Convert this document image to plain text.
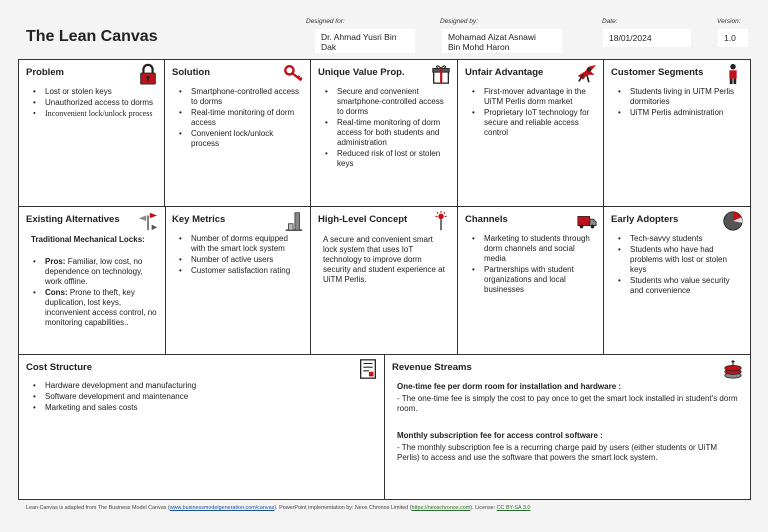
The Lean Canvas
Designed for:
Dr. Ahmad Yusri Bin
Dak
Designed by:
Mohamad Aizat Asnawi
Bin Mohd Haron
Date:
18/01/2024
Version:
1.0
Problem
• Lost or stolen keys
• Unauthorized access to dorms
• Inconvenient lock/unlock process
Solution
• Smartphone-controlled access to dorms
• Real-time monitoring of dorm access
• Convenient lock/unlock process
Key Metrics
• Number of dorms equipped with the smart lock system
• Number of active users
• Customer satisfaction rating
Unique Value Prop.
• Secure and convenient smartphone-controlled access to dorms
• Real-time monitoring of dorm access for both students and administration
• Reduced risk of lost or stolen keys
High-Level Concept
A secure and convenient smart lock system that uses IoT technology to improve dorm security and student experience at UiTM Perlis.
Unfair Advantage
• First-mover advantage in the UiTM Perlis dorm market
• Proprietary IoT technology for secure and reliable access control
Channels
• Marketing to students through dorm channels and social media
• Partnerships with student organizations and local businesses
Customer Segments
• Students living in UiTM Perlis dormitories
• UiTM Perlis administration
Early Adopters
• Tech-savvy students
• Students who have had problems with lost or stolen keys
• Students who value security and convenience
Existing Alternatives
Traditional Mechanical Locks:
• Pros: Familiar, low cost, no dependence on technology, work offline.
• Cons: Prone to theft, key duplication, lost keys, inconvenient access control, no monitoring capabilities..
Cost Structure
• Hardware development and manufacturing
• Software development and maintenance
• Marketing and sales costs
Revenue Streams
One-time fee per dorm room for installation and hardware :
- The one-time fee is simply the cost to pay once to get the smart lock installed in student's dorm room.
Monthly subscription fee for access control software :
- The monthly subscription fee is a recurring charge paid by users (either students or UiTM Perlis) to access and use the software that powers the smart lock system.
Lean Canvas is adapted from The Business Model Canvas (www.businessmodelgeneration.com/canvas). PowerPoint implementation by: Neos Chronos Limited (https://neoschronos.com). License: CC BY-SA 3.0
